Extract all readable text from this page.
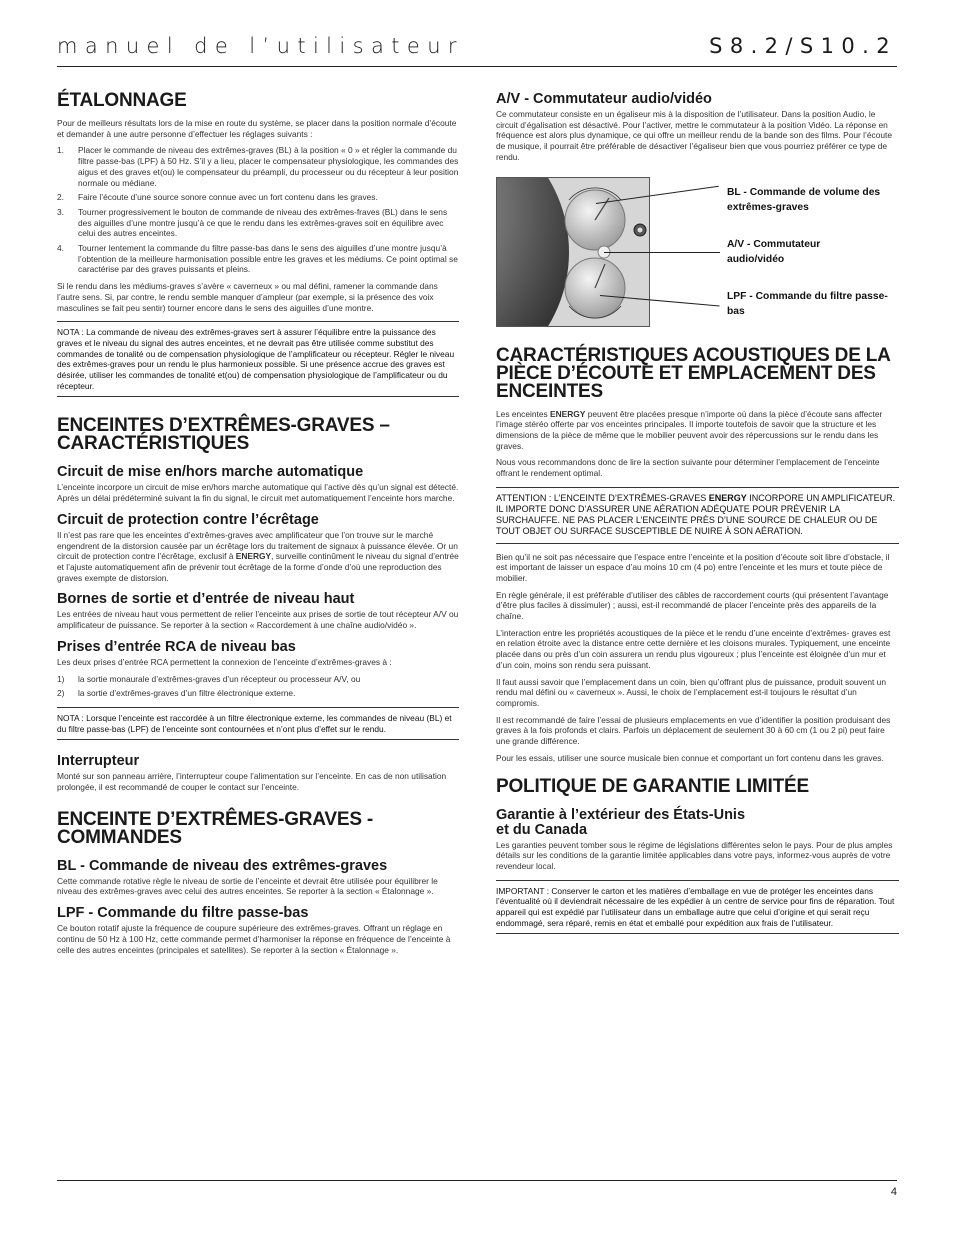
manuel de l’utilisateur	S8.2/S10.2
ÉTALONNAGE

Pour de meilleurs résultats lors de la mise en route du système, se placer dans la position normale d’écoute et demander à une autre personne d’effectuer les réglages suivants :

1.	Placer le commande de niveau des extrêmes-graves (BL) à la position « 0 » et régler la commande du filtre passe-bas (LPF) à 50 Hz. S’il y a lieu, placer le compensateur physiologique, les commandes des aigus et des graves et(ou) le compensateur du préampli, du processeur ou du récepteur à leur position normale ou médiane.
2.	Faire l’écoute d’une source sonore connue avec un fort contenu dans les graves.
3.	Tourner progressivement le bouton de commande de niveau des extrêmes-fraves (BL) dans le sens des aiguilles d’une montre jusqu’à ce que le rendu dans les extrêmes-graves soit en équilibre avec celui des autres enceintes.
4.	Tourner lentement la commande du filtre passe-bas dans le sens des aiguilles d’une montre jusqu’à l’obtention de la meilleure harmonisation possible entre les graves et les médiums. Ce point optimal se caractérise par des graves puissants et pleins.

Si le rendu dans les médiums-graves s’avère « caverneux » ou mal défini, ramener la commande dans l’autre sens. Si, par contre, le rendu semble manquer d’ampleur (par exemple, si la présence des voix masculines se fait peu sentir) tourner encore dans le sens des aiguilles d’une montre.

NOTA : La commande de niveau des extrêmes-graves sert à assurer l’équilibre entre la puissance des graves et le niveau du signal des autres enceintes, et ne devrait pas être utilisée comme substitut des commandes de tonalité ou de compensation physiologique de l’amplificateur ou récepteur. Régler le niveau des extrêmes-graves pour un rendu le plus harmonieux possible. Si une présence accrue des graves est désirée, utiliser les commandes de tonalité et(ou) de compensation physiologique de l’amplificateur ou du récepteur.

ENCEINTES D’EXTRÊMES-GRAVES – CARACTÉRISTIQUES
Circuit de mise en/hors marche automatique

L’enceinte incorpore un circuit de mise en/hors marche automatique qui l’active dès qu’un signal est détecté. Après un délai prédéterminé suivant la fin du signal, le circuit met automatiquement l’enceinte hors marche.

Circuit de protection contre l’écrêtage

Il n’est pas rare que les enceintes d’extrêmes-graves avec amplificateur que l’on trouve sur le marché engendrent de la distorsion causée par un écrêtage lors du traitement de signaux à puissance élevée. Or un circuit de protection contre l’écrêtage, exclusif à ENERGY, surveille continûment le niveau du signal d’entrée et l’ajuste automatiquement afin de prévenir tout écrêtage de la forme d’onde d’où une reproduction des graves exempte de distorsion.

Bornes de sortie et d’entrée de niveau haut

Les entrées de niveau haut vous permettent de relier l’enceinte aux prises de sortie de tout récepteur A/V ou amplificateur de puissance. Se reporter à la section « Raccordement à une chaîne audio/vidéo ».

Prises d’entrée RCA de niveau bas

Les deux prises d’entrée RCA permettent la connexion de l’enceinte d’extrêmes-graves à :

1)	la sortie monaurale d’extrêmes-graves d’un récepteur ou processeur A/V, ou
2)	la sortie d’extrêmes-graves d’un filtre électronique externe.

NOTA : Lorsque l’enceinte est raccordée à un filtre électronique externe, les commandes de niveau (BL) et du filtre passe-bas (LPF) de l’enceinte sont contournées et n’ont plus d’effet sur le rendu.

Interrupteur

Monté sur son panneau arrière, l’interrupteur coupe l’alimentation sur l’enceinte. En cas de non utilisation prolongée, il est recommandé de couper le contact sur l’enceinte.

ENCEINTE D’EXTRÊMES-GRAVES - COMMANDES
BL - Commande de niveau des extrêmes-graves

Cette commande rotative règle le niveau de sortie de l’enceinte et devrait être utilisée pour équilibrer le niveau des extrêmes-graves avec celui des autres enceintes. Se reporter à la section « Étalonnage ».

LPF - Commande du filtre passe-bas

Ce bouton rotatif ajuste la fréquence de coupure supérieure des extrêmes-graves. Offrant un réglage en continu de 50 Hz à 100 Hz, cette commande permet d’harmoniser la réponse en fréquence de l’enceinte à celle des autres enceintes (principales et satellites). Se reporter à la section « Étalonnage ».

A/V - Commutateur audio/vidéo

Ce commutateur consiste en un égaliseur mis à la disposition de l’utilisateur. Dans la position Audio, le circuit d’égalisation est désactivé. Pour l’activer, mettre le commutateur à la position Vidéo. La réponse en fréquence est alors plus dynamique, ce qui offre un meilleur rendu de la bande son des films. Pour l’écoute de musique, il pourrait être préférable de désactiver l’égaliseur bien que vous pourriez préférer ce type de rendu.

BL - Commande de volume des extrêmes-graves
A/V - Commutateur audio/vidéo
LPF - Commande du filtre passe-bas
CARACTÉRISTIQUES ACOUSTIQUES DE LA PIÈCE D’ÉCOUTE ET EMPLACEMENT DES ENCEINTES

Les enceintes ENERGY peuvent être placées presque n’importe où dans la pièce d’écoute sans affecter l’image stéréo offerte par vos enceintes principales. Il importe toutefois de savoir que la structure et les dimensions de la pièce de même que le mobilier peuvent avoir des répercussions sur le rendu dans les graves.

Nous vous recommandons donc de lire la section suivante pour déterminer l’emplacement de l’enceinte offrant le rendement optimal.

ATTENTION : L’ENCEINTE D’EXTRÊMES-GRAVES ENERGY INCORPORE UN AMPLIFICATEUR. IL IMPORTE DONC D’ASSURER UNE AÉRATION ADÉQUATE POUR PRÉVENIR LA SURCHAUFFE. NE PAS PLACER L’ENCEINTE PRÈS D’UNE SOURCE DE CHALEUR OU DE TOUT OBJET OU SURFACE SUSCEPTIBLE DE NUIRE À SON AÉRATION.

Bien qu’il ne soit pas nécessaire que l’espace entre l’enceinte et la position d’écoute soit libre d’obstacle, il est important de laisser un espace d’au moins 10 cm (4 po) entre l’enceinte et les murs et toute pièce de mobilier.

En règle générale, il est préférable d’utiliser des câbles de raccordement courts (qui présentent l’avantage d’être plus faciles à dissimuler) ; aussi, est-il recommandé de placer l’enceinte près des appareils de la chaîne.

L’interaction entre les propriétés acoustiques de la pièce et le rendu d’une enceinte d’extrêmes- graves est en relation étroite avec la distance entre cette dernière et les cloisons murales. Typiquement, une enceinte placée dans ou près d’un coin assurera un rendu plus vigoureux ; plus l’enceinte est éloignée d’un mur et d’un coin, moins son rendu sera puissant.

Il faut aussi savoir que l’emplacement dans un coin, bien qu’offrant plus de puissance, produit souvent un rendu mal défini ou « caverneux ». Aussi, le choix de l’emplacement est-il toujours le résultat d’un compromis.

Il est recommandé de faire l’essai de plusieurs emplacements en vue d’identifier la position produisant des graves à la fois profonds et clairs. Parfois un déplacement de seulement 30 à 60 cm (1 ou 2 pi) peut faire une grande différence.

Pour les essais, utiliser une source musicale bien connue et comportant un fort contenu dans les graves.

POLITIQUE DE GARANTIE LIMITÉE
Garantie à l’extérieur des États-Unis
et du Canada

Les garanties peuvent tomber sous le régime de législations différentes selon le pays. Pour de plus amples détails sur les conditions de la garantie limitée applicables dans votre pays, informez-vous auprès de votre revendeur local.

IMPORTANT : Conserver le carton et les matières d’emballage en vue de protéger les enceintes dans l’éventualité où il deviendrait nécessaire de les expédier à un centre de service pour fins de réparation. Tout appareil qui est expédié par l’utilisateur dans un emballage autre que celui d’origine et qui serait reçu endommagé, sera réparé, remis en état et emballé pour expédition aux frais de l’utilisateur.

4
